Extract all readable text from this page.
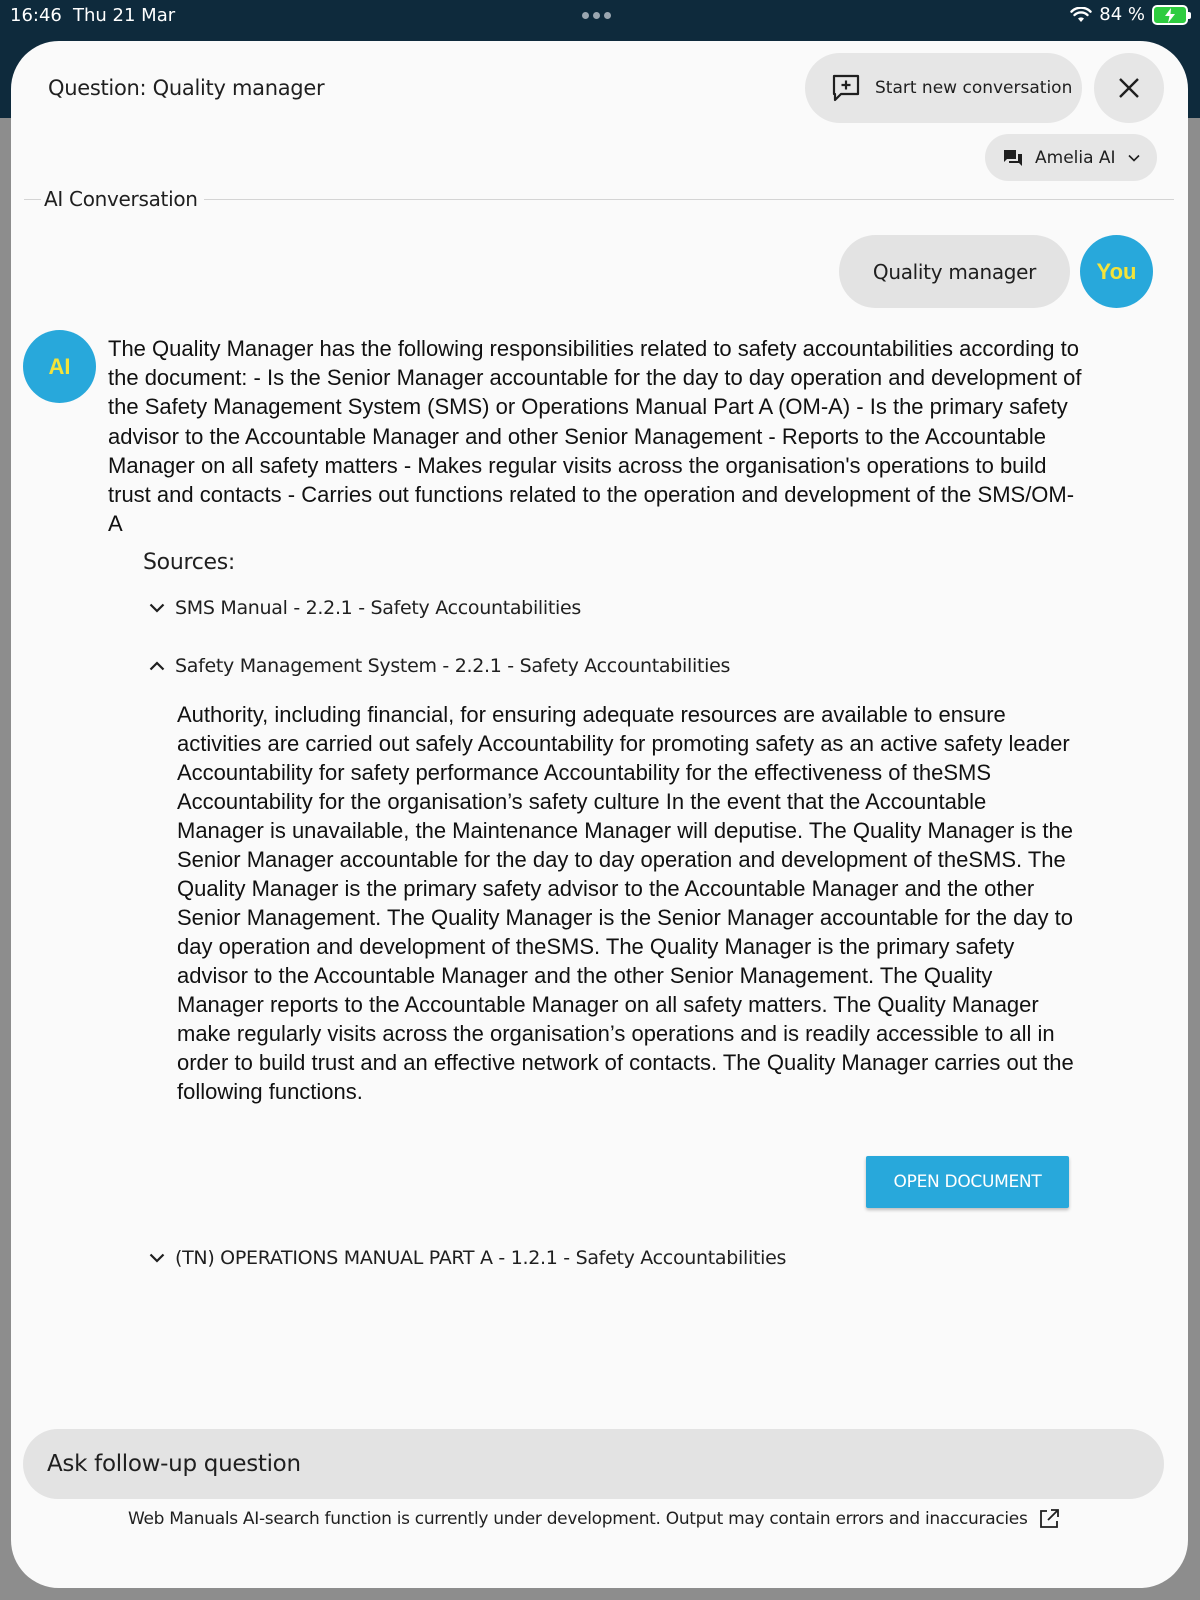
16:46 Thu 21 Mar	84 %
Question: Quality manager	Start new conversation
Amelia AI
AI Conversation
Quality manager	You
AI
The Quality Manager has the following responsibilities related to safety accountabilities according to the document: - Is the Senior Manager accountable for the day to day operation and development of the Safety Management System (SMS) or Operations Manual Part A (OM-A) - Is the primary safety advisor to the Accountable Manager and other Senior Management - Reports to the Accountable Manager on all safety matters - Makes regular visits across the organisation's operations to build trust and contacts - Carries out functions related to the operation and development of the SMS/OM-A
Sources:
SMS Manual - 2.2.1 - Safety Accountabilities
Safety Management System - 2.2.1 - Safety Accountabilities
Authority, including financial, for ensuring adequate resources are available to ensure activities are carried out safely Accountability for promoting safety as an active safety leader Accountability for safety performance Accountability for the effectiveness of theSMS Accountability for the organisation’s safety culture In the event that the Accountable Manager is unavailable, the Maintenance Manager will deputise. The Quality Manager is the Senior Manager accountable for the day to day operation and development of theSMS. The Quality Manager is the primary safety advisor to the Accountable Manager and the other Senior Management. The Quality Manager is the Senior Manager accountable for the day to day operation and development of theSMS. The Quality Manager is the primary safety advisor to the Accountable Manager and the other Senior Management. The Quality Manager reports to the Accountable Manager on all safety matters. The Quality Manager make regularly visits across the organisation’s operations and is readily accessible to all in order to build trust and an effective network of contacts. The Quality Manager carries out the following functions.
OPEN DOCUMENT
(TN) OPERATIONS MANUAL PART A - 1.2.1 - Safety Accountabilities
Ask follow-up question
Web Manuals AI-search function is currently under development. Output may contain errors and inaccuracies
